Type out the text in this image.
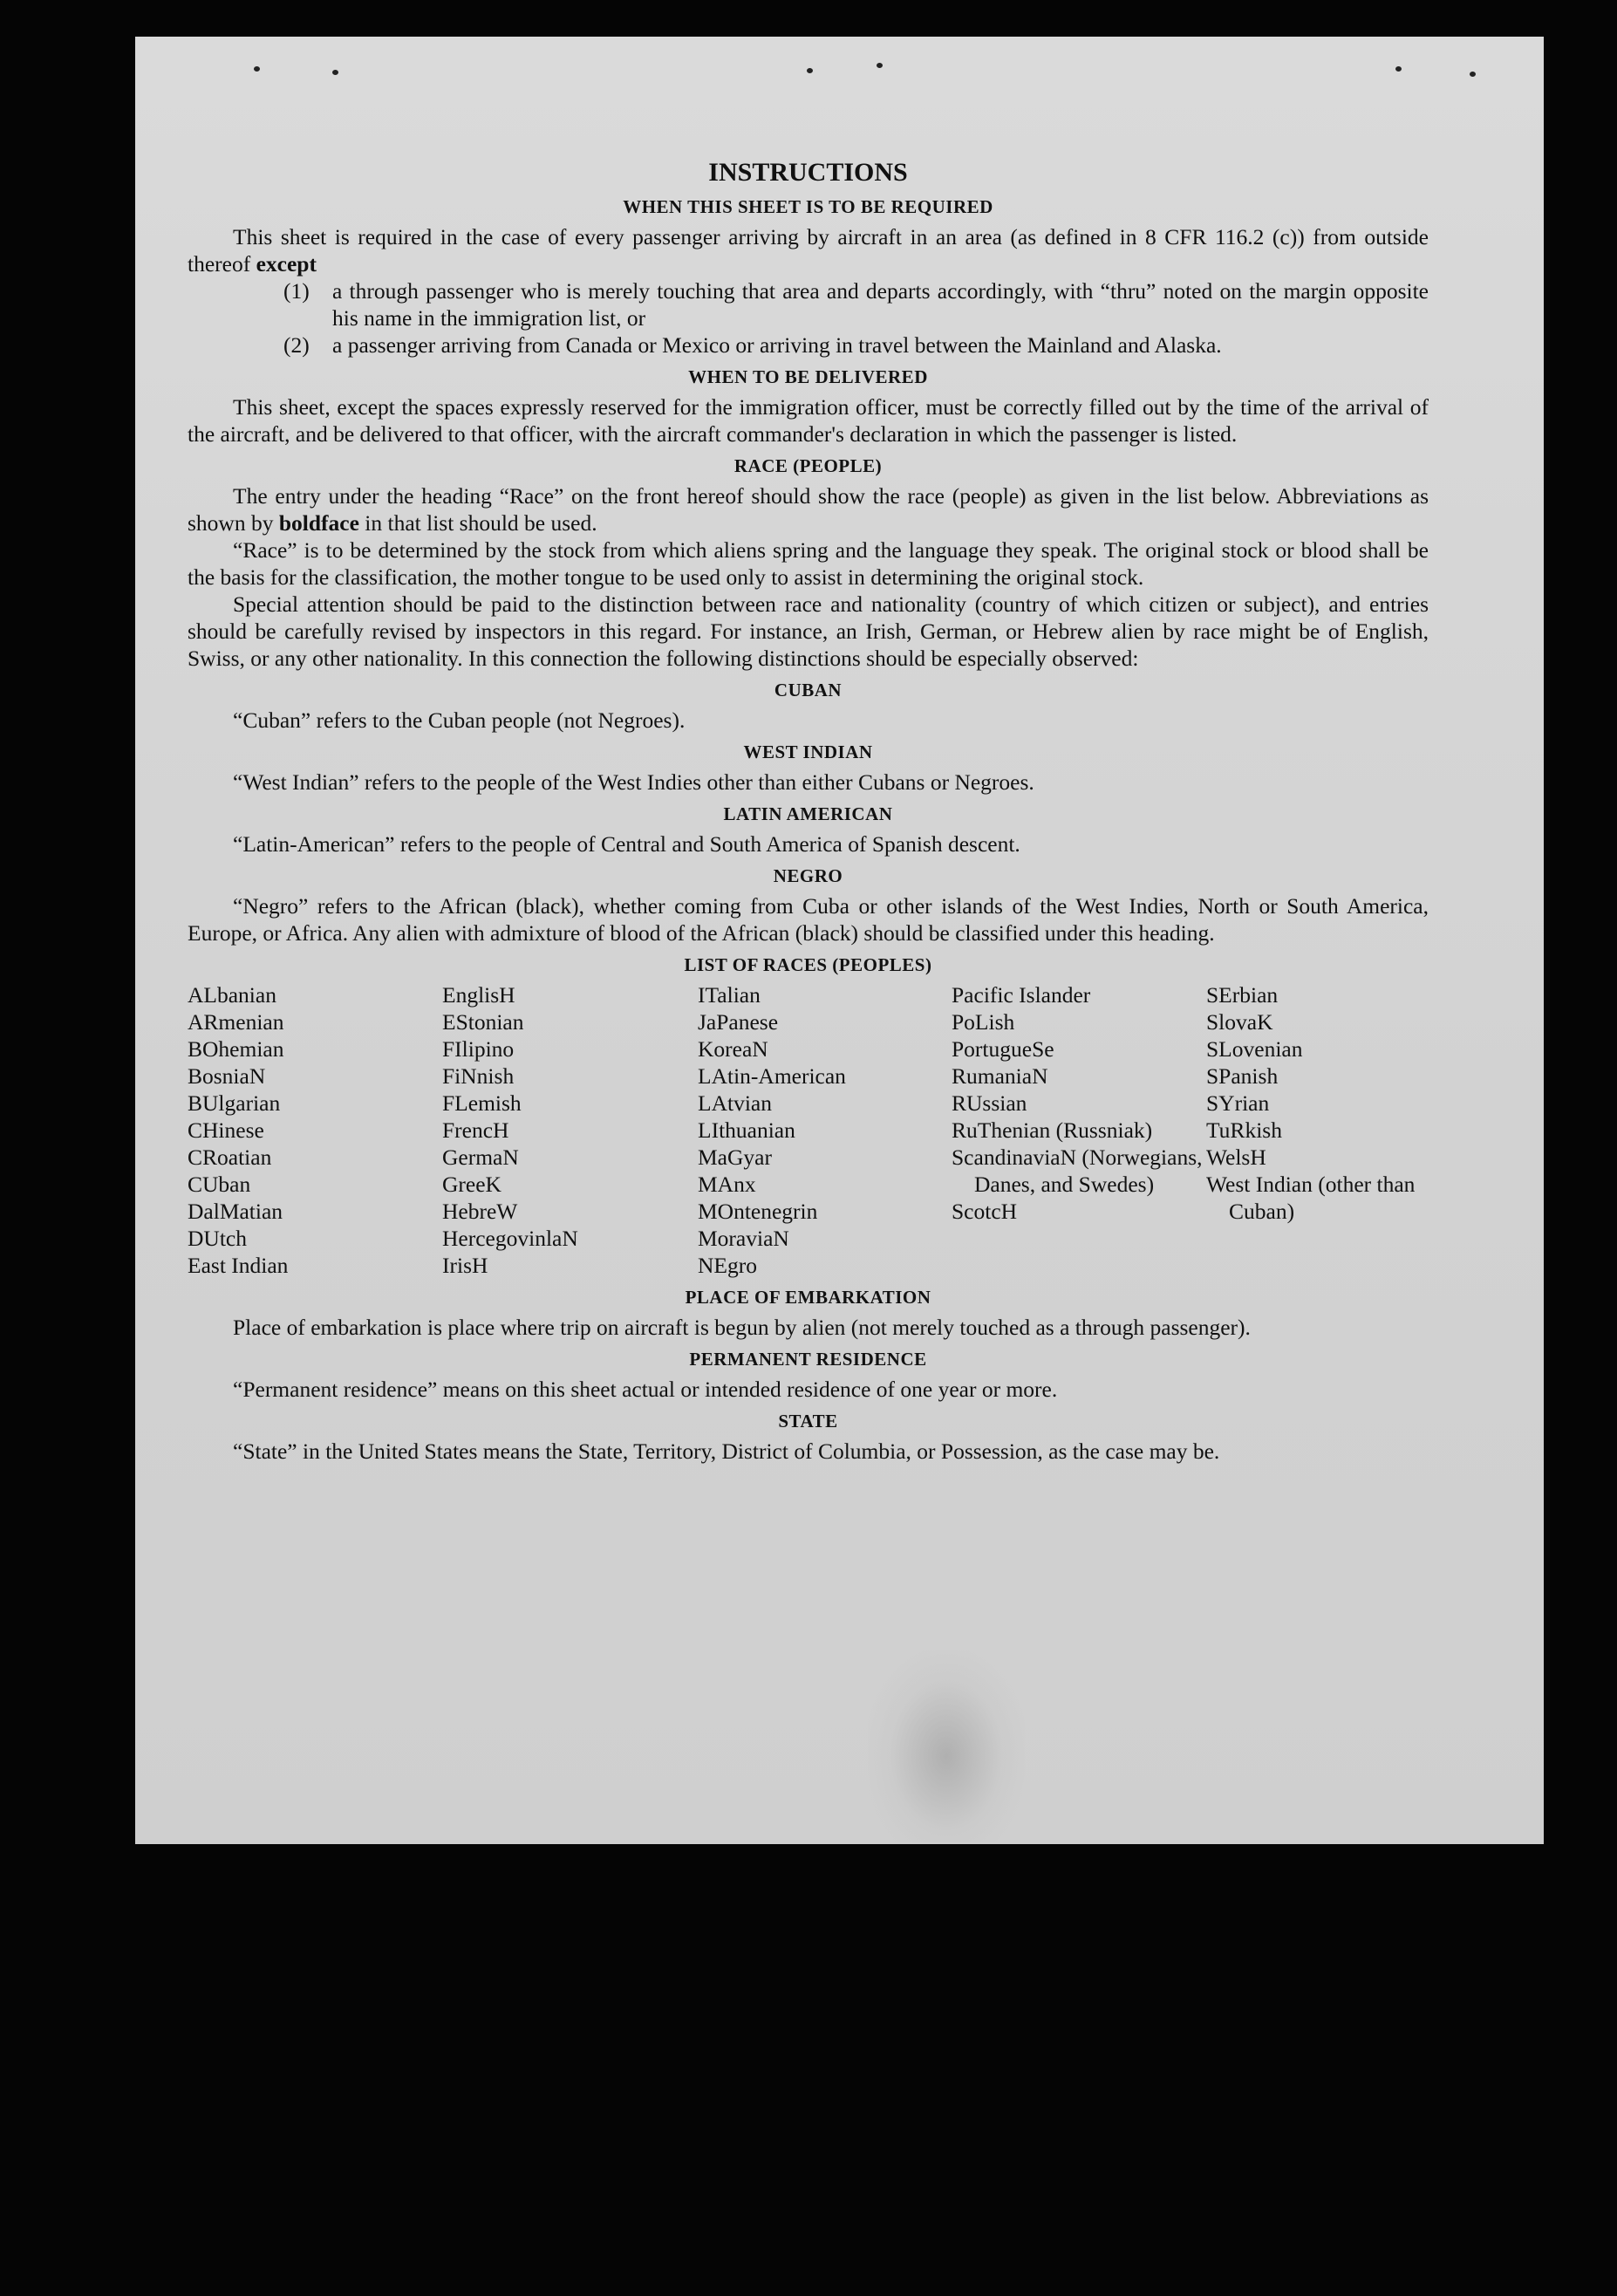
INSTRUCTIONS
WHEN THIS SHEET IS TO BE REQUIRED

This sheet is required in the case of every passenger arriving by aircraft in an area (as defined in 8 CFR 116.2 (c)) from outside thereof except

(1)	a through passenger who is merely touching that area and departs accordingly, with “thru” noted on the margin opposite his name in the immigration list, or
(2)	a passenger arriving from Canada or Mexico or arriving in travel between the Mainland and Alaska.
WHEN TO BE DELIVERED

This sheet, except the spaces expressly reserved for the immigration officer, must be correctly filled out by the time of the arrival of the aircraft, and be delivered to that officer, with the aircraft commander's declaration in which the passenger is listed.

RACE (PEOPLE)

The entry under the heading “Race” on the front hereof should show the race (people) as given in the list below. Abbreviations as shown by boldface in that list should be used.

“Race” is to be determined by the stock from which aliens spring and the language they speak. The original stock or blood shall be the basis for the classification, the mother tongue to be used only to assist in determining the original stock.

Special attention should be paid to the distinction between race and nationality (country of which citizen or subject), and entries should be carefully revised by inspectors in this regard. For instance, an Irish, German, or Hebrew alien by race might be of English, Swiss, or any other nationality. In this connection the following distinctions should be especially observed:

CUBAN

“Cuban” refers to the Cuban people (not Negroes).

WEST INDIAN

“West Indian” refers to the people of the West Indies other than either Cubans or Negroes.

LATIN AMERICAN

“Latin-American” refers to the people of Central and South America of Spanish descent.

NEGRO

“Negro” refers to the African (black), whether coming from Cuba or other islands of the West Indies, North or South America, Europe, or Africa. Any alien with admixture of blood of the African (black) should be classified under this heading.

LIST OF RACES (PEOPLES)
ALbanian
ARmenian
BOhemian
BosniaN
BUlgarian
CHinese
CRoatian
CUban
DalMatian
DUtch
East Indian
EnglisH
EStonian
FIlipino
FiNnish
FLemish
FrencH
GermaN
GreeK
HebreW
HercegovinlaN
IrisH
ITalian
JaPanese
KoreaN
LAtin-American
LAtvian
LIthuanian
MaGyar
MAnx
MOntenegrin
MoraviaN
NEgro
Pacific Islander
PoLish
PortugueSe
RumaniaN
RUssian
RuThenian (Russniak)
ScandinaviaN (Norwegians, Danes, and Swedes)
ScotcH
SErbian
SlovaK
SLovenian
SPanish
SYrian
TuRkish
WelsH
West Indian (other than Cuban)
PLACE OF EMBARKATION

Place of embarkation is place where trip on aircraft is begun by alien (not merely touched as a through passenger).

PERMANENT RESIDENCE

“Permanent residence” means on this sheet actual or intended residence of one year or more.

STATE

“State” in the United States means the State, Territory, District of Columbia, or Possession, as the case may be.
